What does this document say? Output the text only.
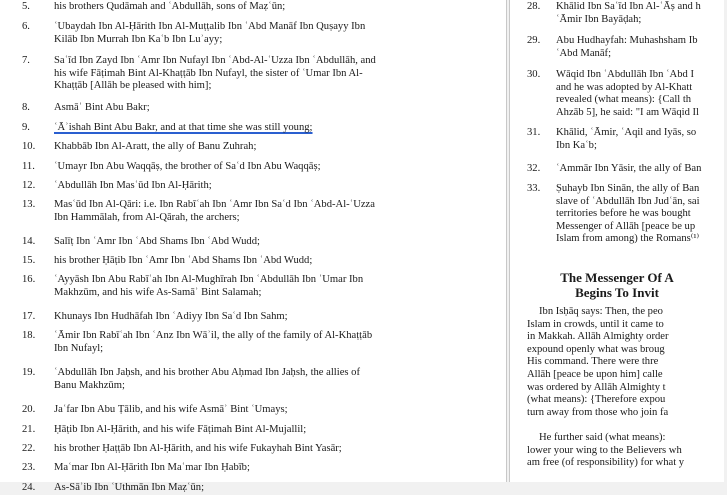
5.	his brothers Qudāmah and ʿAbdullāh, sons of Maẓʿūn;
6.	ʿUbaydah Ibn Al-Ḥārith Ibn Al-Muṭṭalib Ibn ʿAbd Manāf Ibn Quṣayy Ibn
Kilāb Ibn Murrah Ibn Kaʿb Ibn Luʾayy;
7.	Saʿīd Ibn Zayd Ibn ʿAmr Ibn Nufayl Ibn ʿAbd-Al-ʿUzza Ibn ʿAbdullāh, and
his wife Fāṭimah Bint Al-Khaṭṭāb Ibn Nufayl, the sister of ʿUmar Ibn Al-
Khaṭṭāb [Allāh be pleased with him];
8.	Asmāʾ Bint Abu Bakr;
9.	ʿĀʾishah Bint Abu Bakr, and at that time she was still young;
10.	Khabbāb Ibn Al-Aratt, the ally of Banu Zuhrah;
11.	ʿUmayr Ibn Abu Waqqāṣ, the brother of Saʿd Ibn Abu Waqqāṣ;
12.	ʿAbdullāh Ibn Masʿūd Ibn Al-Ḥārith;
13.	Masʿūd Ibn Al-Qāri: i.e. Ibn Rabīʿah Ibn ʿAmr Ibn Saʿd Ibn ʿAbd-Al-ʿUzza
Ibn Hammālah, from Al-Qārah, the archers;
14.	Salīṭ Ibn ʿAmr Ibn ʿAbd Shams Ibn ʿAbd Wudd;
15.	his brother Ḥāṭib Ibn ʿAmr Ibn ʿAbd Shams Ibn ʿAbd Wudd;
16.	ʿAyyāsh Ibn Abu Rabīʿah Ibn Al-Mughīrah Ibn ʿAbdullāh Ibn ʿUmar Ibn
Makhzūm, and his wife As-Samāʾ Bint Salamah;
17.	Khunays Ibn Hudhāfah Ibn ʿAdiyy Ibn Saʿd Ibn Sahm;
18.	ʿĀmir Ibn Rabīʿah Ibn ʿAnz Ibn Wāʾil, the ally of the family of Al-Khaṭṭāb
Ibn Nufayl;
19.	ʿAbdullāh Ibn Jaḥsh, and his brother Abu Aḥmad Ibn Jaḥsh, the allies of
Banu Makhzūm;
20.	Jaʿfar Ibn Abu Ṭālib, and his wife Asmāʾ Bint ʿUmays;
21.	Ḥāṭib Ibn Al-Ḥārith, and his wife Fāṭimah Bint Al-Mujallil;
22.	his brother Ḥaṭṭāb Ibn Al-Ḥārith, and his wife Fukayhah Bint Yasār;
23.	Maʿmar Ibn Al-Ḥārith Ibn Maʿmar Ibn Ḥabīb;
24.	As-Sāʾib Ibn ʿUthmān Ibn Maẓʿūn;
28.	Khālid Ibn Saʿīd Ibn Al-ʿĀṣ and h
ʿĀmir Ibn Bayāḍah;
29.	Abu Hudhayfah: Muhashsham Ib
ʿAbd Manāf;
30.	Wāqid Ibn ʿAbdullāh Ibn ʿAbd I
and he was adopted by Al-Khatt
revealed (what means): {Call th
Ahzāb 5], he said: "I am Wāqid Il
31.	Khālid, ʿĀmir, ʿAqil and Iyās, so
Ibn Kaʿb;
32.	ʿAmmār Ibn Yāsir, the ally of Ban
33.	Ṣuhayb Ibn Sinān, the ally of Ban
slave of ʿAbdullāh Ibn Judʿān, sai
territories before he was bought
Messenger of Allāh [peace be up
Islam from among) the Romans⁽¹⁾
The Messenger Of A
Begins To Invit
Ibn Isḥāq says: Then, the peo
Islam in crowds, until it came to
in Makkah. Allāh Almighty order
expound openly what was broug
His command. There were thre
Allāh [peace be upon him] calle
was ordered by Allāh Almighty t
(what means): {Therefore expou
turn away from those who join fa
He further said (what means):
lower your wing to the Believers wh
am free (of responsibility) for what y
